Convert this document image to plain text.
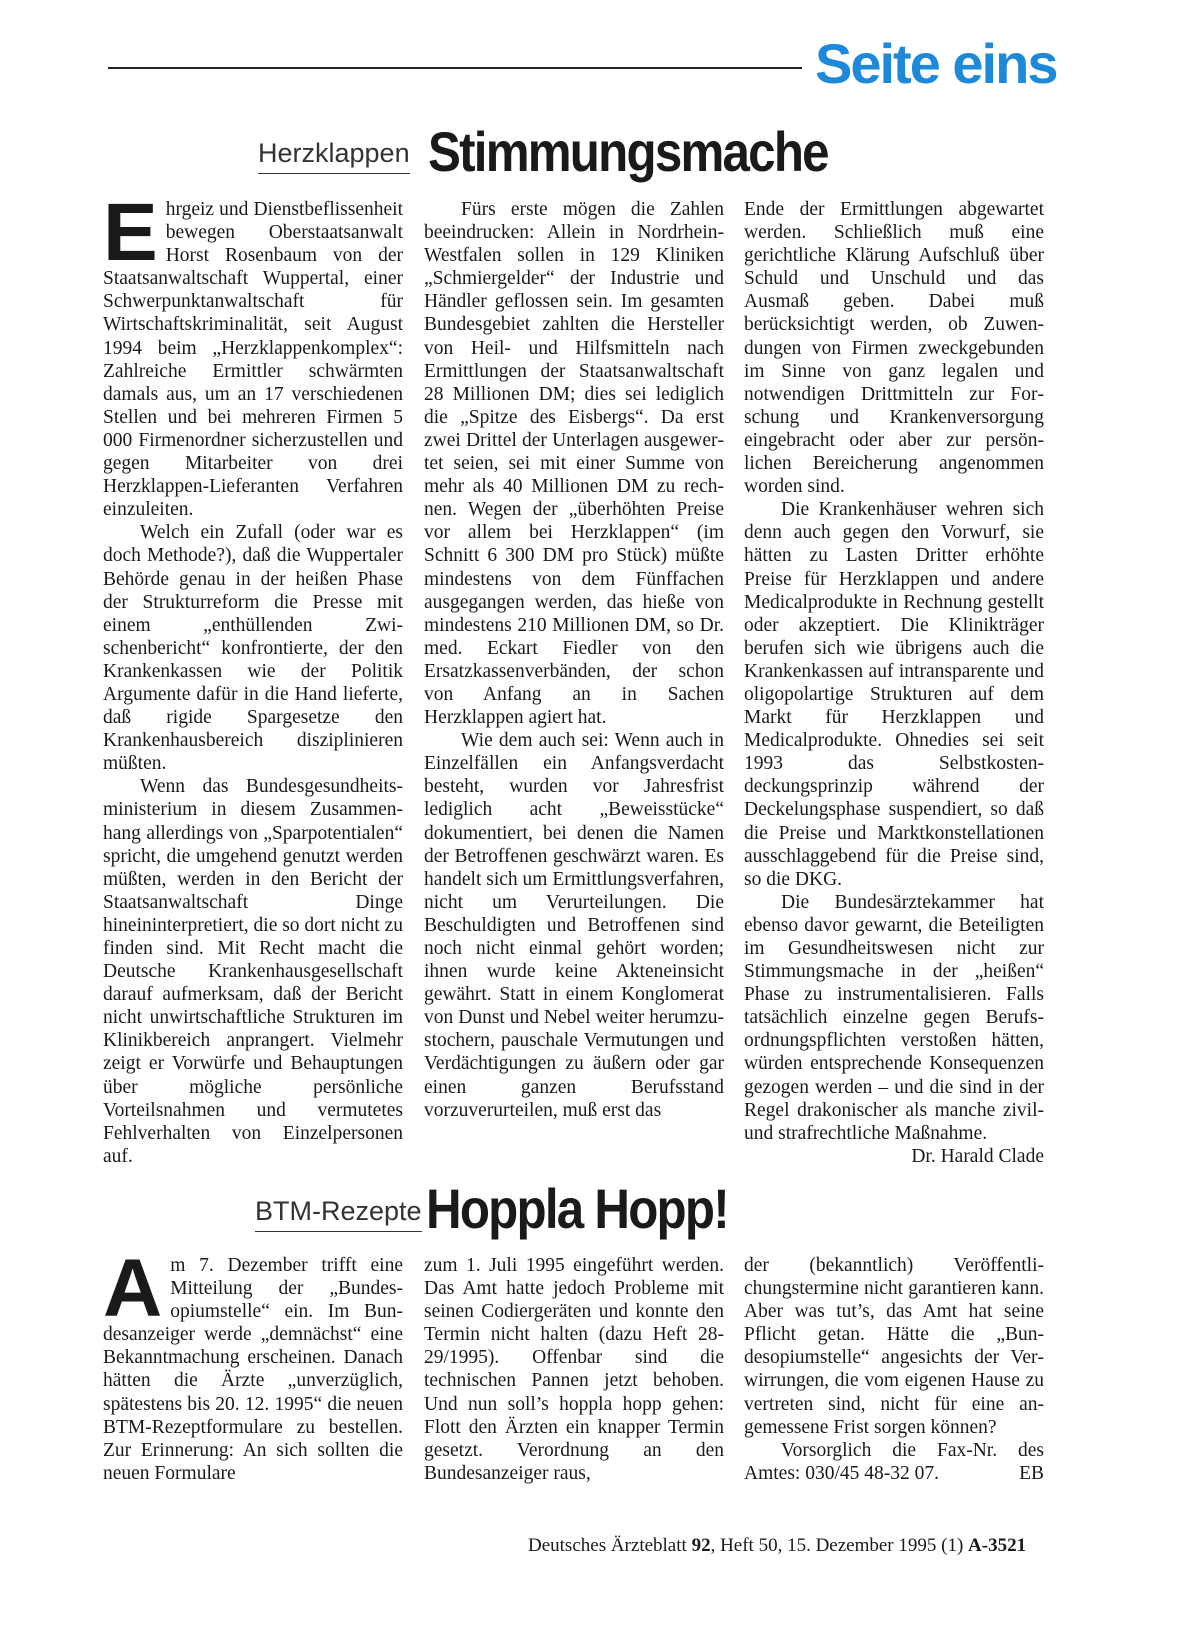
Seite eins
Herzklappen Stimmungsmache
E hrgeiz und Dienstbeflissenheit bewegen Oberstaatsanwalt Horst Rosenbaum von der Staatsanwaltschaft Wuppertal, einer Schwerpunktanwaltschaft für Wirtschaftskriminalität, seit August 1994 beim „Herzklappenkomplex“: Zahlreiche Ermittler schwärmten damals aus, um an 17 verschiedenen Stellen und bei mehreren Firmen 5 000 Firmenordner sicherzustellen und gegen Mitarbeiter von drei Herzklappen-Lieferanten Verfahren einzuleiten.

Welch ein Zufall (oder war es doch Methode?), daß die Wuppertaler Behörde genau in der heißen Phase der Strukturreform die Presse mit einem „enthüllenden Zwischenbericht“ konfrontierte, der den Krankenkassen wie der Politik Argumente dafür in die Hand lieferte, daß rigide Spargesetze den Krankenhausbereich disziplinieren müßten.

Wenn das Bundesgesundheitsministerium in diesem Zusammenhang allerdings von „Sparpotentialen“ spricht, die umgehend genutzt werden müßten, werden in den Bericht der Staatsanwaltschaft Dinge hineininterpretiert, die so dort nicht zu finden sind. Mit Recht macht die Deutsche Krankenhausgesellschaft darauf aufmerksam, daß der Bericht nicht unwirtschaftliche Strukturen im Klinikbereich anprangert. Vielmehr zeigt er Vorwürfe und Behauptungen über mögliche persönliche Vorteilsnahmen und vermutetes Fehlverhalten von Einzelpersonen auf.

Fürs erste mögen die Zahlen beeindrucken: Allein in Nordrhein-Westfalen sollen in 129 Kliniken „Schmiergelder“ der Industrie und Händler geflossen sein. Im gesamten Bundesgebiet zahlten die Hersteller von Heil- und Hilfsmitteln nach Ermittlungen der Staatsanwaltschaft 28 Millionen DM; dies sei lediglich die „Spitze des Eisbergs“. Da erst zwei Drittel der Unterlagen ausgewertet seien, sei mit einer Summe von mehr als 40 Millionen DM zu rechnen. Wegen der „überhöhten Preise vor allem bei Herzklappen“ (im Schnitt 6 300 DM pro Stück) müßte mindestens von dem Fünffachen ausgegangen werden, das hieße von mindestens 210 Millionen DM, so Dr. med. Eckart Fiedler von den Ersatzkassenverbänden, der schon von Anfang an in Sachen Herzklappen agiert hat.

Wie dem auch sei: Wenn auch in Einzelfällen ein Anfangsverdacht besteht, wurden vor Jahresfrist lediglich acht „Beweisstücke“ dokumentiert, bei denen die Namen der Betroffenen geschwärzt waren. Es handelt sich um Ermittlungsverfahren, nicht um Verurteilungen. Die Beschuldigten und Betroffenen sind noch nicht einmal gehört worden; ihnen wurde keine Akteneinsicht gewährt. Statt in einem Konglomerat von Dunst und Nebel weiter herumzustochern, pauschale Vermutungen und Verdächtigungen zu äußern oder gar einen ganzen Berufsstand vorzuverurteilen, muß erst das

Ende der Ermittlungen abgewartet werden. Schließlich muß eine gerichtliche Klärung Aufschluß über Schuld und Unschuld und das Ausmaß geben. Dabei muß berücksichtigt werden, ob Zuwendungen von Firmen zweckgebunden im Sinne von ganz legalen und notwendigen Drittmitteln zur Forschung und Krankenversorgung eingebracht oder aber zur persönlichen Bereicherung angenommen worden sind.

Die Krankenhäuser wehren sich denn auch gegen den Vorwurf, sie hätten zu Lasten Dritter erhöhte Preise für Herzklappen und andere Medicalprodukte in Rechnung gestellt oder akzeptiert. Die Klinikträger berufen sich wie übrigens auch die Krankenkassen auf intransparente und oligopolartige Strukturen auf dem Markt für Herzklappen und Medicalprodukte. Ohnedies sei seit 1993 das Selbstkostendeckungsprinzip während der Deckelungsphase suspendiert, so daß die Preise und Marktkonstellationen ausschlaggebend für die Preise sind, so die DKG.

Die Bundesärztekammer hat ebenso davor gewarnt, die Beteiligten im Gesundheitswesen nicht zur Stimmungsmache in der „heißen“ Phase zu instrumentalisieren. Falls tatsächlich einzelne gegen Berufsordnungspflichten verstoßen hätten, würden entsprechende Konsequenzen gezogen werden – und die sind in der Regel drakonischer als manche zivil- und strafrechtliche Maßnahme.
Dr. Harald Clade

BTM-Rezepte Hoppla Hopp!
A m 7. Dezember trifft eine Mitteilung der „Bundesopiumstelle“ ein. Im Bundesanzeiger werde „demnächst“ eine Bekanntmachung erscheinen. Danach hätten die Ärzte „unverzüglich, spätestens bis 20. 12. 1995“ die neuen BTM-Rezeptformulare zu bestellen. Zur Erinnerung: An sich sollten die neuen Formulare

zum 1. Juli 1995 eingeführt werden. Das Amt hatte jedoch Probleme mit seinen Codiergeräten und konnte den Termin nicht halten (dazu Heft 28-29/1995). Offenbar sind die technischen Pannen jetzt behoben. Und nun soll’s hoppla hopp gehen: Flott den Ärzten ein knapper Termin gesetzt. Verordnung an den Bundesanzeiger raus,

der (bekanntlich) Veröffentlichungstermine nicht garantieren kann. Aber was tut’s, das Amt hat seine Pflicht getan. Hätte die „Bundesopiumstelle“ angesichts der Verwirrungen, die vom eigenen Hause zu vertreten sind, nicht für eine angemessene Frist sorgen können?

Vorsorglich die Fax-Nr. des Amtes: 030/45 48-32 07.	EB

Deutsches Ärzteblatt 92, Heft 50, 15. Dezember 1995 (1) A-3521
